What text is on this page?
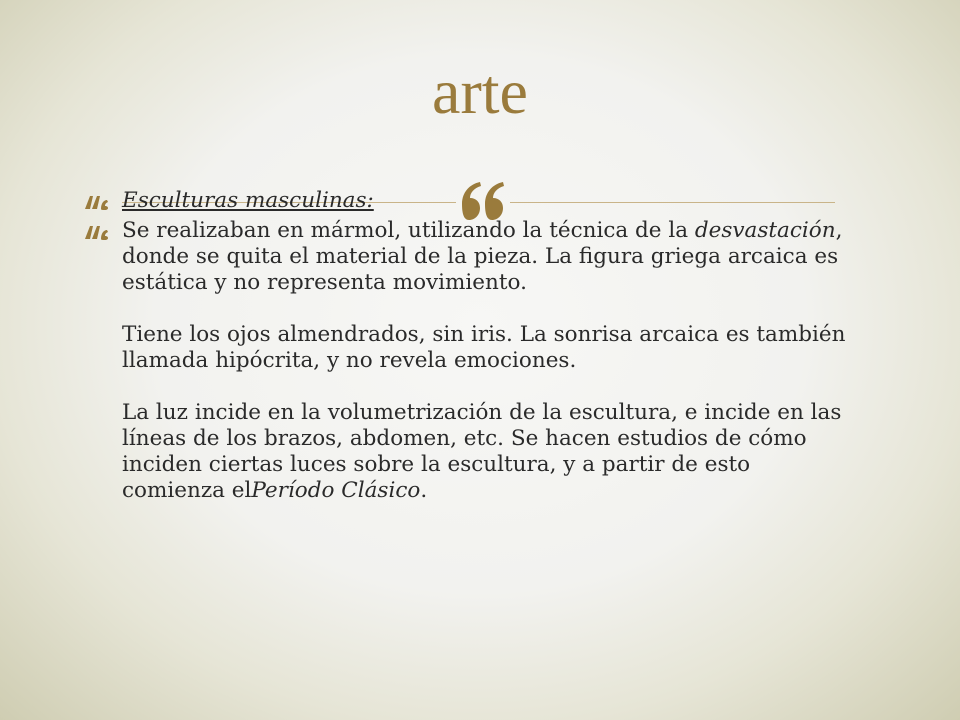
arte
Esculturas masculinas:

Se realizaban en mármol, utilizando la técnica de la desvastación, donde se quita el material de la pieza. La figura griega arcaica es estática y no representa movimiento.

Tiene los ojos almendrados, sin iris. La sonrisa arcaica es también llamada hipócrita, y no revela emociones.

La luz incide en la volumetrización de la escultura, e incide en las líneas de los brazos, abdomen, etc. Se hacen estudios de cómo inciden ciertas luces sobre la escultura, y a partir de esto comienza elPeríodo Clásico.
